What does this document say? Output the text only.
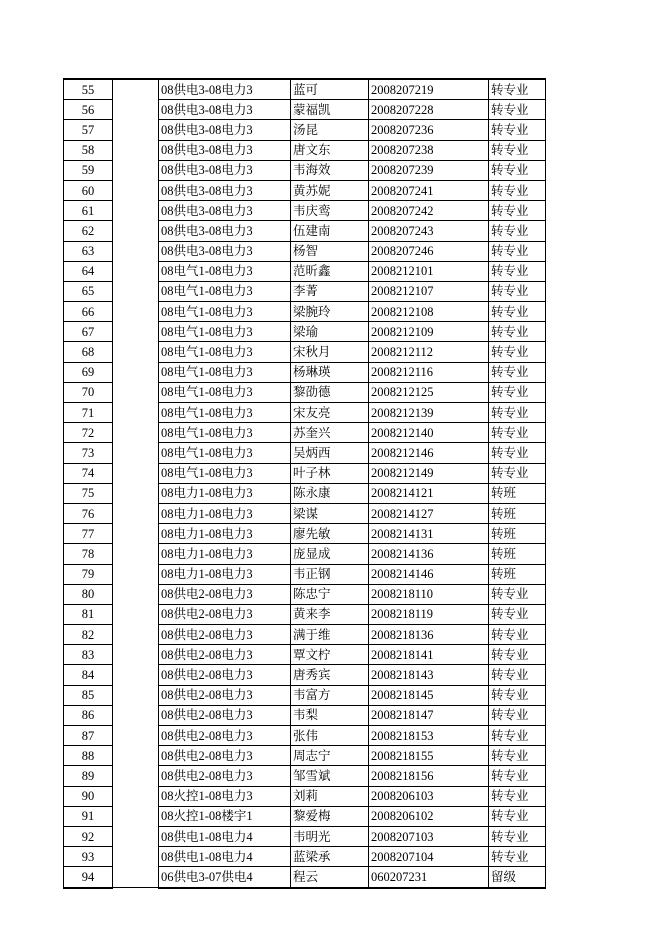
55		08供电3-08电力3	蓝可	2008207219	转专业
56		08供电3-08电力3	蒙福凯	2008207228	转专业
57		08供电3-08电力3	汤昆	2008207236	转专业
58		08供电3-08电力3	唐文东	2008207238	转专业
59		08供电3-08电力3	韦海效	2008207239	转专业
60		08供电3-08电力3	黄苏妮	2008207241	转专业
61		08供电3-08电力3	韦庆鸾	2008207242	转专业
62		08供电3-08电力3	伍建南	2008207243	转专业
63		08供电3-08电力3	杨智	2008207246	转专业
64		08电气1-08电力3	范昕鑫	2008212101	转专业
65		08电气1-08电力3	李菁	2008212107	转专业
66		08电气1-08电力3	梁腕玲	2008212108	转专业
67		08电气1-08电力3	梁瑜	2008212109	转专业
68		08电气1-08电力3	宋秋月	2008212112	转专业
69		08电气1-08电力3	杨琳瑛	2008212116	转专业
70		08电气1-08电力3	黎劭德	2008212125	转专业
71		08电气1-08电力3	宋友亮	2008212139	转专业
72		08电气1-08电力3	苏奎兴	2008212140	转专业
73		08电气1-08电力3	吴炳西	2008212146	转专业
74		08电气1-08电力3	叶子林	2008212149	转专业
75		08电力1-08电力3	陈永康	2008214121	转班
76		08电力1-08电力3	梁谋	2008214127	转班
77		08电力1-08电力3	廖先敏	2008214131	转班
78		08电力1-08电力3	庞显成	2008214136	转班
79		08电力1-08电力3	韦正钢	2008214146	转班
80		08供电2-08电力3	陈忠宁	2008218110	转专业
81		08供电2-08电力3	黄来李	2008218119	转专业
82		08供电2-08电力3	满于维	2008218136	转专业
83		08供电2-08电力3	覃文柠	2008218141	转专业
84		08供电2-08电力3	唐秀宾	2008218143	转专业
85		08供电2-08电力3	韦富方	2008218145	转专业
86		08供电2-08电力3	韦梨	2008218147	转专业
87		08供电2-08电力3	张伟	2008218153	转专业
88		08供电2-08电力3	周志宁	2008218155	转专业
89		08供电2-08电力3	邹雪斌	2008218156	转专业
90		08火控1-08电力3	刘莉	2008206103	转专业
91		08火控1-08楼宇1	黎爱梅	2008206102	转专业
92		08供电1-08电力4	韦明光	2008207103	转专业
93		08供电1-08电力4	蓝梁承	2008207104	转专业
94		06供电3-07供电4	程云	060207231	留级
